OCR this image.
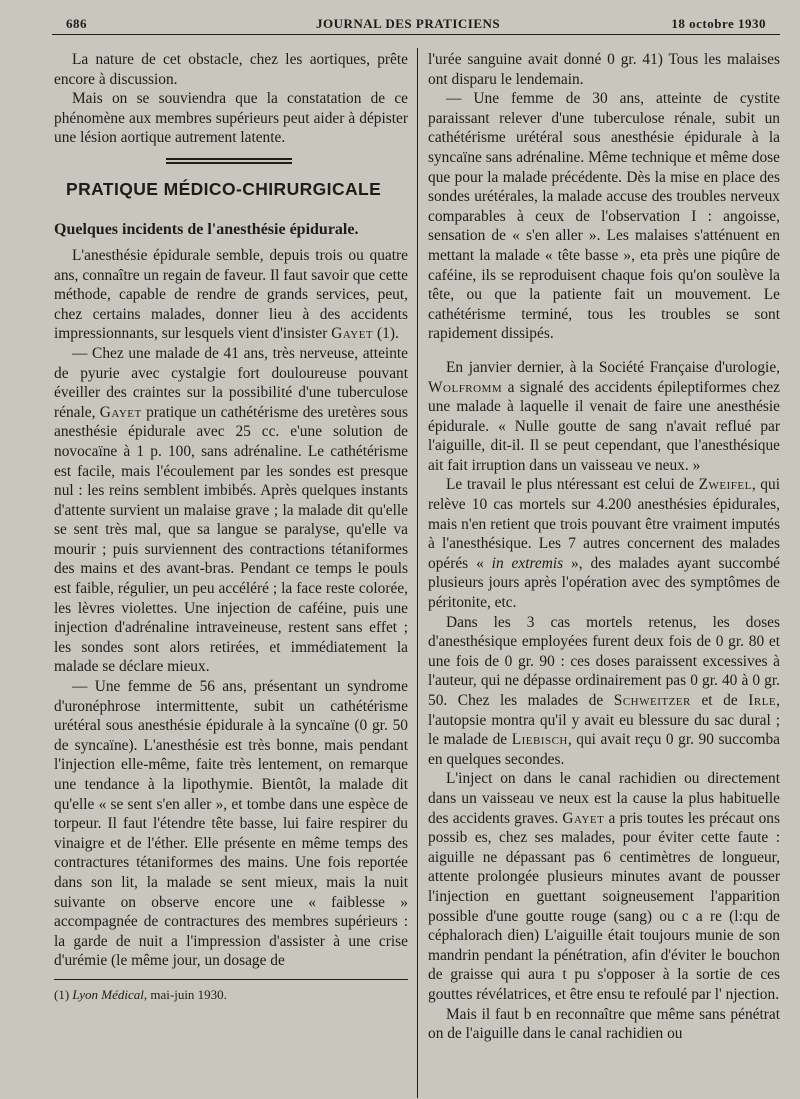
686	JOURNAL DES PRATICIENS	18 octobre 1930

La nature de cet obstacle, chez les aortiques, prête encore à discussion.

Mais on se souviendra que la constatation de ce phénomène aux membres supérieurs peut aider à dépister une lésion aortique autrement latente.

PRATIQUE MÉDICO-CHIRURGICALE

Quelques incidents de l'anesthésie épidurale.

L'anesthésie épidurale semble, depuis trois ou quatre ans, connaître un regain de faveur. Il faut savoir que cette méthode, capable de rendre de grands services, peut, chez certains malades, donner lieu à des accidents impressionnants, sur lesquels vient d'insister Gayet (1).

— Chez une malade de 41 ans, très nerveuse, atteinte de pyurie avec cystalgie fort douloureuse pouvant éveiller des craintes sur la possibilité d'une tuberculose rénale, Gayet pratique un cathétérisme des uretères sous anesthésie épidurale avec 25 cc. e'une solution de novocaïne à 1 p. 100, sans adrénaline. Le cathétérisme est facile, mais l'écoulement par les sondes est presque nul : les reins semblent imbibés. Après quelques instants d'attente survient un malaise grave ; la malade dit qu'elle se sent très mal, que sa langue se paralyse, qu'elle va mourir ; puis surviennent des contractions tétaniformes des mains et des avant-bras. Pendant ce temps le pouls est faible, régulier, un peu accéléré ; la face reste colorée, les lèvres violettes. Une injection de caféine, puis une injection d'adrénaline intraveineuse, restent sans effet ; les sondes sont alors retirées, et immédiatement la malade se déclare mieux.

— Une femme de 56 ans, présentant un syndrome d'uronéphrose intermittente, subit un cathétérisme urétéral sous anesthésie épidurale à la syncaïne (0 gr. 50 de syncaïne). L'anesthésie est très bonne, mais pendant l'injection elle-même, faite très lentement, on remarque une tendance à la lipothymie. Bientôt, la malade dit qu'elle « se sent s'en aller », et tombe dans une espèce de torpeur. Il faut l'étendre tête basse, lui faire respirer du vinaigre et de l'éther. Elle présente en même temps des contractures tétaniformes des mains. Une fois reportée dans son lit, la malade se sent mieux, mais la nuit suivante on observe encore une « faiblesse » accompagnée de contractures des membres supérieurs : la garde de nuit a l'impression d'assister à une crise d'urémie (le même jour, un dosage de

(1) Lyon Médical, mai-juin 1930.

l'urée sanguine avait donné 0 gr. 41) Tous les malaises ont disparu le lendemain.

— Une femme de 30 ans, atteinte de cystite paraissant relever d'une tuberculose rénale, subit un cathétérisme urétéral sous anesthésie épidurale à la syncaïne sans adrénaline. Même technique et même dose que pour la malade précédente. Dès la mise en place des sondes urétérales, la malade accuse des troubles nerveux comparables à ceux de l'observation I : angoisse, sensation de « s'en aller ». Les malaises s'atténuent en mettant la malade « tête basse », eta près une piqûre de caféine, ils se reproduisent chaque fois qu'on soulève la tête, ou que la patiente fait un mouvement. Le cathétérisme terminé, tous les troubles se sont rapidement dissipés.

En janvier dernier, à la Société Française d'urologie, Wolfromm a signalé des accidents épileptiformes chez une malade à laquelle il venait de faire une anesthésie épidurale. « Nulle goutte de sang n'avait reflué par l'aiguille, dit-il. Il se peut cependant, que l'anesthésique ait fait irruption dans un vaisseau ve neux. »

Le travail le plus ntéressant est celui de Zweifel, qui relève 10 cas mortels sur 4.200 anesthésies épidurales, mais n'en retient que trois pouvant être vraiment imputés à l'anesthésique. Les 7 autres concernent des malades opérés « in extremis », des malades ayant succombé plusieurs jours après l'opération avec des symptômes de péritonite, etc.

Dans les 3 cas mortels retenus, les doses d'anesthésique employées furent deux fois de 0 gr. 80 et une fois de 0 gr. 90 : ces doses paraissent excessives à l'auteur, qui ne dépasse ordinairement pas 0 gr. 40 à 0 gr. 50. Chez les malades de Schweitzer et de Irle, l'autopsie montra qu'il y avait eu blessure du sac dural ; le malade de Liebisch, qui avait reçu 0 gr. 90 succomba en quelques secondes.

L'inject on dans le canal rachidien ou directement dans un vaisseau ve neux est la cause la plus habituelle des accidents graves. Gayet a pris toutes les précaut ons possib es, chez ses malades, pour éviter cette faute : aiguille ne dépassant pas 6 centimètres de longueur, attente prolongée plusieurs minutes avant de pousser l'injection en guettant soigneusement l'apparition possible d'une goutte rouge (sang) ou c a re (l:qu de céphalorach dien) L'aiguille était toujours munie de son mandrin pendant la pénétration, afin d'éviter le bouchon de graisse qui aura t pu s'opposer à la sortie de ces gouttes révélatrices, et être ensu te refoulé par l' njection.

Mais il faut b en reconnaître que même sans pénétrat on de l'aiguille dans le canal rachidien ou
